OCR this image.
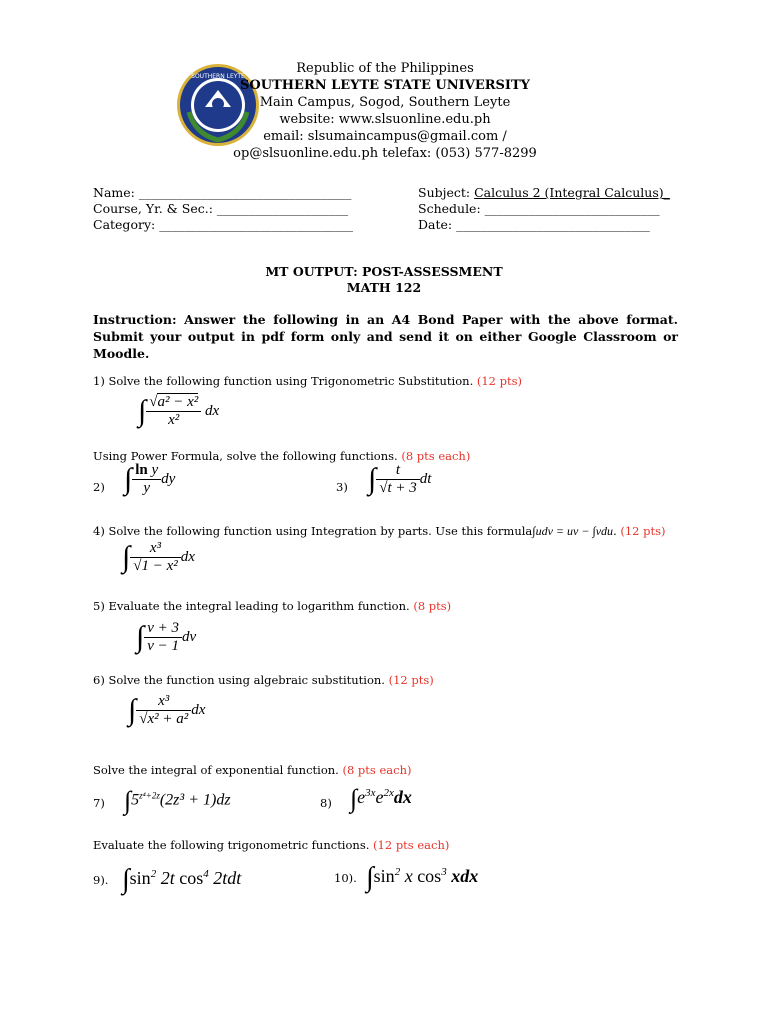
SOUTHERN LEYTE
Republic of the Philippines
SOUTHERN LEYTE STATE UNIVERSITY
Main Campus, Sogod, Southern Leyte
website: www.slsuonline.edu.ph
email: slsumaincampus@gmail.com /
op@slsuonline.edu.ph telefax: (053) 577-8299
Name: __________________________________
Course, Yr. & Sec.: _____________________
Category: _______________________________
Subject: Calculus 2 (Integral Calculus)_
Schedule: ____________________________
Date: _______________________________
MT OUTPUT: POST-ASSESSMENT
MATH 122
Instruction: Answer the following in an A4 Bond Paper with the above format. Submit your output in pdf form only and send it on either Google Classroom or Moodle.
1) Solve the following function using Trigonometric Substitution. (12 pts)
∫ $\frac{\text{√a² − x²}}{\text{x²}}$ dx
Using Power Formula, solve the following functions. (8 pts each)
2) ∫ $\frac{\text{ln y}}{y}$ dy
3) ∫ $\frac{t}{√t + 3}$ dt
4) Solve the following function using Integration by parts. Use this formula∫udv = uv − ∫vdu. (12 pts)
∫ $\frac{\text{x³}}{\text{√1 − x²}}$ dx
5) Evaluate the integral leading to logarithm function. (8 pts)
∫ $\frac{v + 3}{v - 1}$ dv
6) Solve the function using algebraic substitution. (12 pts)
∫ $\frac{\text{x³}}{\text{√x² + a²}}$ dx
Solve the integral of exponential function. (8 pts each)
7) $\int 5^{z^4+2z}(2z^3 + 1)dz$	8) $\int e^{3x}e^{2x}dx$
Evaluate the following trigonometric functions. (12 pts each)
9). $\int\sin^2$ 2t $\cos^4 2tdt$	10). $\int\sin^2$ x $\cos^3$ xdx
